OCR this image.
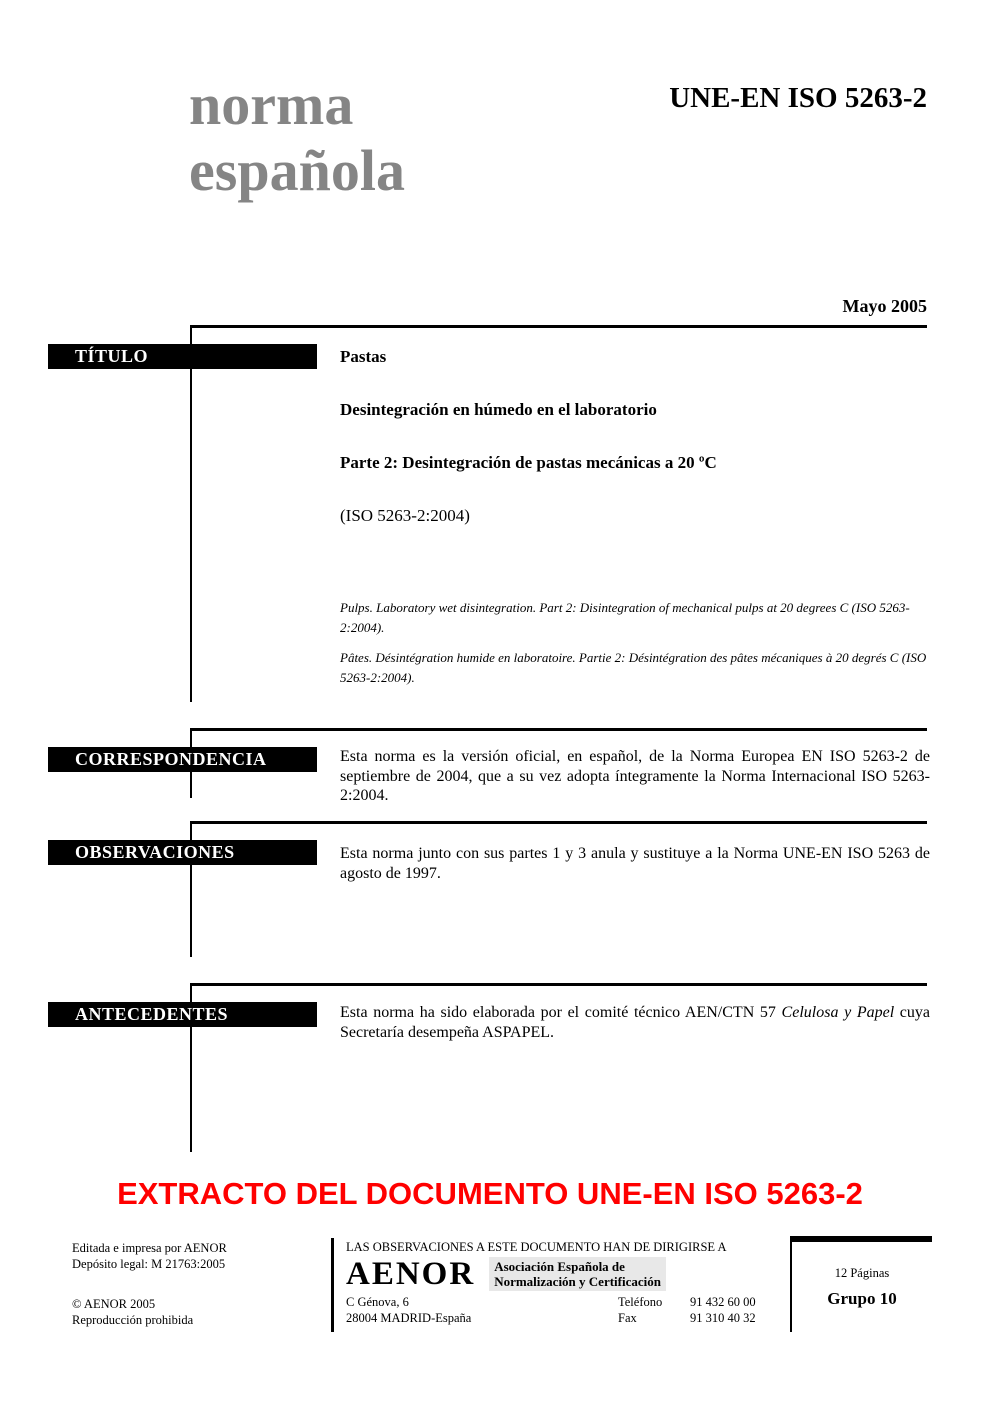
norma
española
UNE-EN ISO 5263-2
Mayo 2005
TÍTULO
CORRESPONDENCIA
OBSERVACIONES
ANTECEDENTES
Pastas
Desintegración en húmedo en el laboratorio
Parte 2: Desintegración de pastas mecánicas a 20 ºC
(ISO 5263-2:2004)
Pulps. Laboratory wet disintegration. Part 2: Disintegration of mechanical pulps at 20 degrees C (ISO 5263-2:2004).
Pâtes. Désintégration humide en laboratoire. Partie 2: Désintégration des pâtes mécaniques à 20 degrés C (ISO 5263-2:2004).

Esta norma es la versión oficial, en español, de la Norma Europea EN ISO 5263-2 de septiembre de 2004, que a su vez adopta íntegramente la Norma Internacional ISO 5263-2:2004.

Esta norma junto con sus partes 1 y 3 anula y sustituye a la Norma UNE-EN ISO 5263 de agosto de 1997.

Esta norma ha sido elaborada por el comité técnico AEN/CTN 57 Celulosa y Papel cuya Secretaría desempeña ASPAPEL.

EXTRACTO DEL DOCUMENTO UNE-EN ISO 5263-2
Editada e impresa por AENOR
Depósito legal: M 21763:2005
© AENOR 2005
Reproducción prohibida
LAS OBSERVACIONES A ESTE DOCUMENTO HAN DE DIRIGIRSE A
AENOR Asociación Española de
Normalización y Certificación
C Génova, 6
28004 MADRID-España
Teléfono
Fax
91 432 60 00
91 310 40 32
12 Páginas
Grupo 10
